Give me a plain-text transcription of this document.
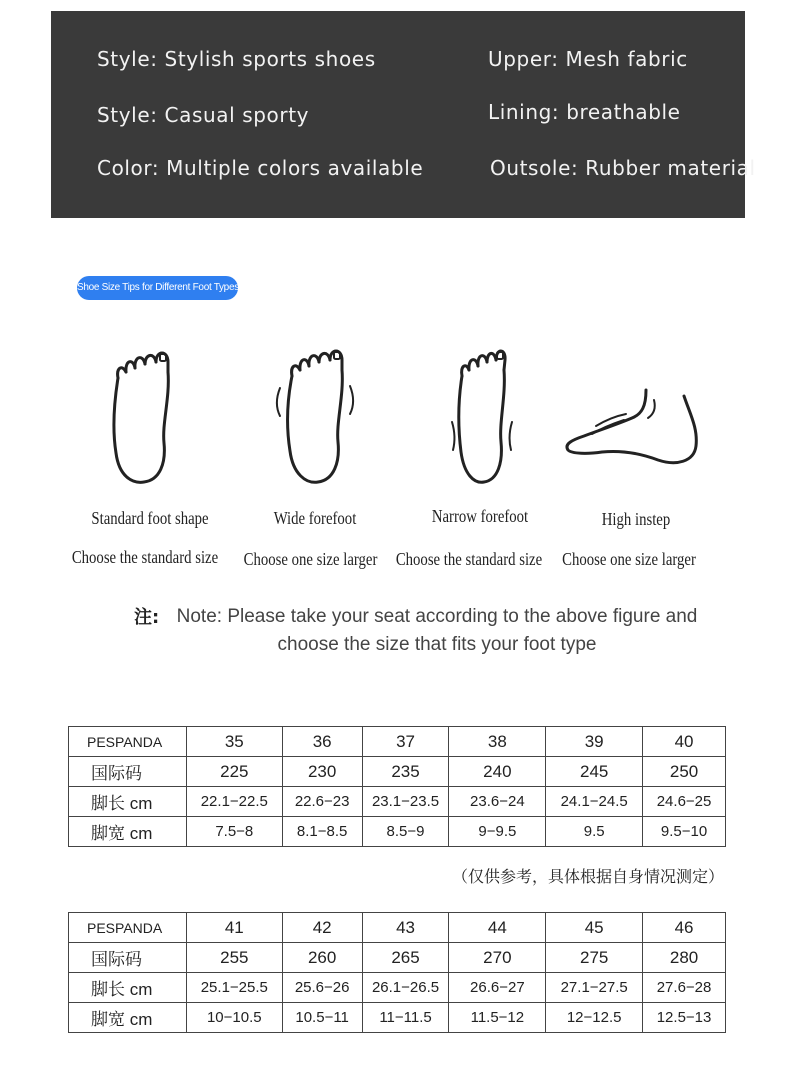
Style: Stylish sports shoes	Upper: Mesh fabric
Style: Casual sporty	Lining: breathable
Color: Multiple colors available	Outsole: Rubber material
Shoe Size Tips for Different Foot Types
Standard foot shape
Choose the standard size
Wide forefoot
Choose one size larger
Narrow forefoot
Choose the standard size
High instep
Choose one size larger
注: Note: Please take your seat according to the above figure and choose the size that fits your foot type
PESPANDA	35	36	37	38	39	40
国际码	225	230	235	240	245	250
脚长 cm	22.1−22.5	22.6−23	23.1−23.5	23.6−24	24.1−24.5	24.6−25
脚宽 cm	7.5−8	8.1−8.5	8.5−9	9−9.5	9.5	9.5−10
（仅供参考，具体根据自身情况测定）
PESPANDA	41	42	43	44	45	46
国际码	255	260	265	270	275	280
脚长 cm	25.1−25.5	25.6−26	26.1−26.5	26.6−27	27.1−27.5	27.6−28
脚宽 cm	10−10.5	10.5−11	11−11.5	11.5−12	12−12.5	12.5−13
